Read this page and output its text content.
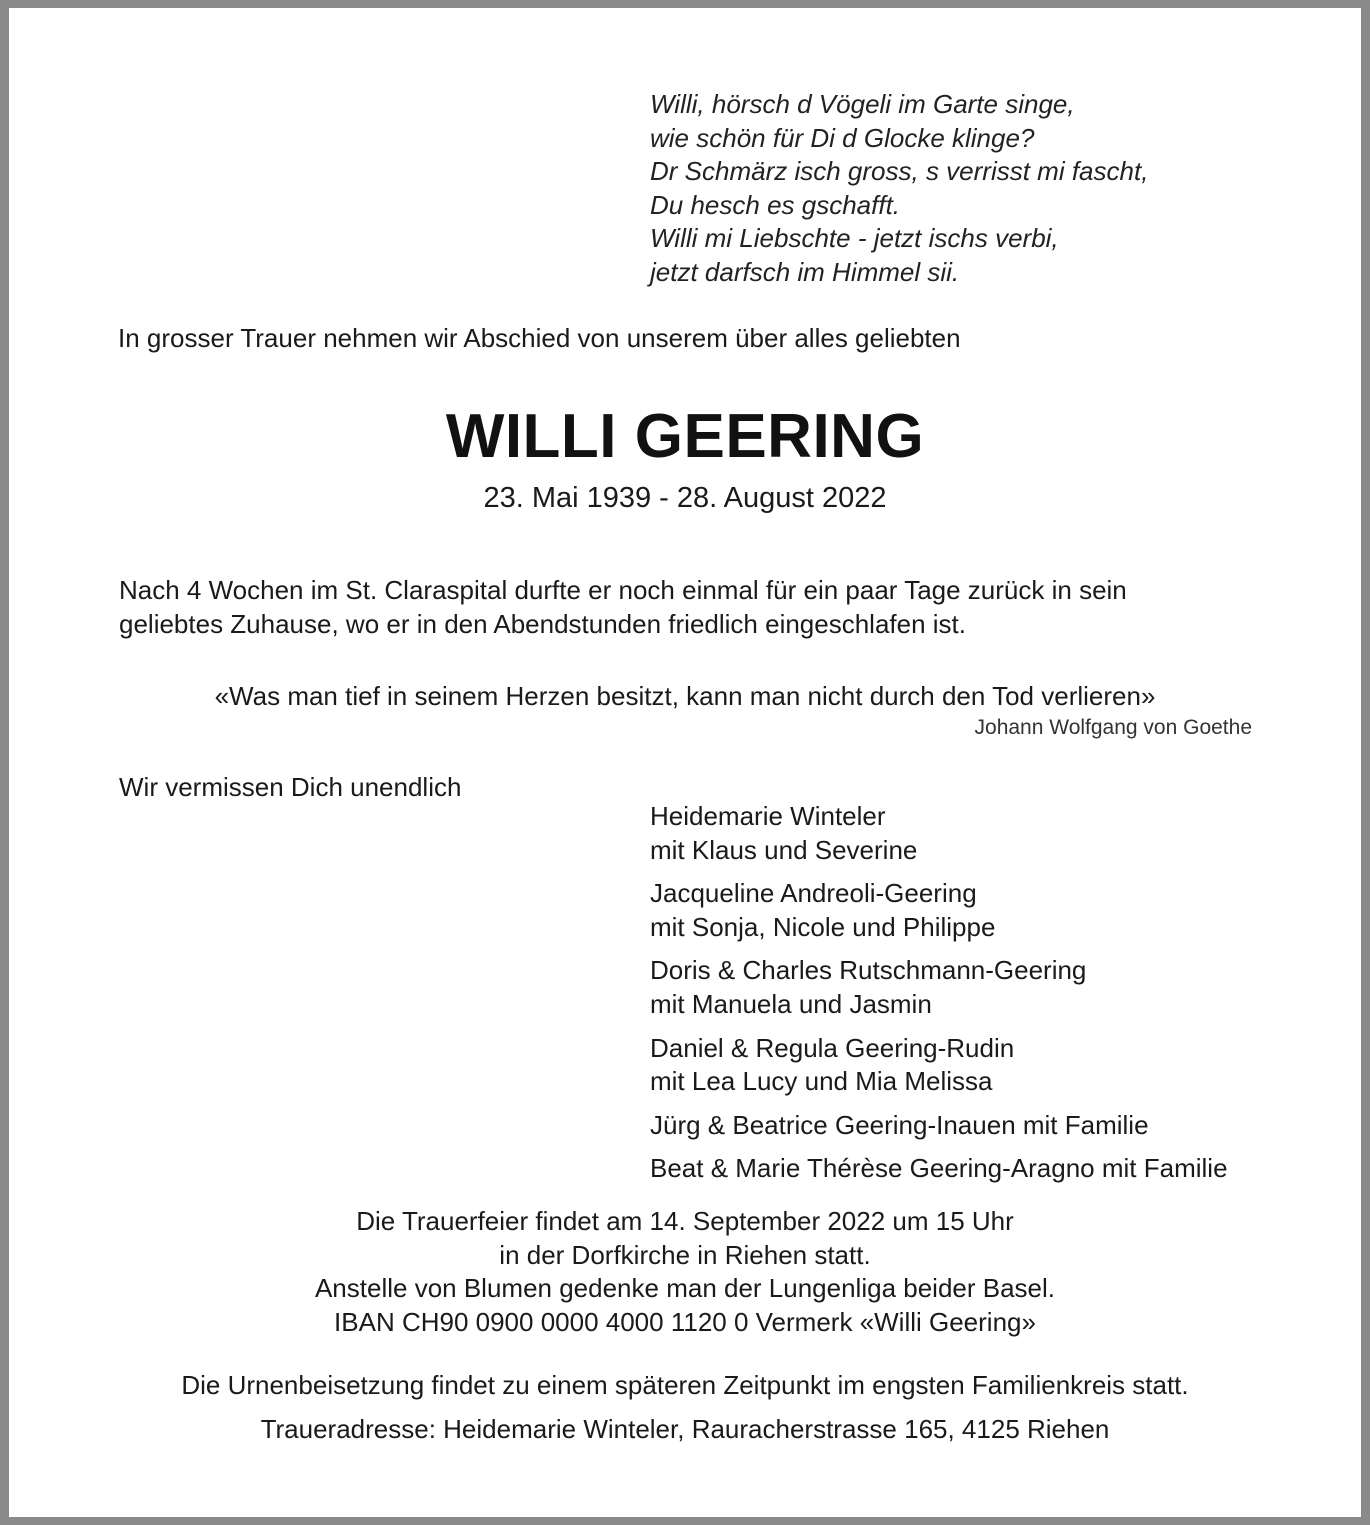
Willi, hörsch d Vögeli im Garte singe,
wie schön für Di d Glocke klinge?
Dr Schmärz isch gross, s verrisst mi fascht,
Du hesch es gschafft.
Willi mi Liebschte - jetzt ischs verbi,
jetzt darfsch im Himmel sii.

In grosser Trauer nehmen wir Abschied von unserem über alles geliebten

WILLI GEERING

23. Mai 1939 - 28. August 2022

Nach 4 Wochen im St. Claraspital durfte er noch einmal für ein paar Tage zurück in sein
geliebtes Zuhause, wo er in den Abendstunden friedlich eingeschlafen ist.

«Was man tief in seinem Herzen besitzt, kann man nicht durch den Tod verlieren»

Johann Wolfgang von Goethe

Wir vermissen Dich unendlich

Heidemarie Winteler
mit Klaus und Severine
Jacqueline Andreoli-Geering
mit Sonja, Nicole und Philippe
Doris & Charles Rutschmann-Geering
mit Manuela und Jasmin
Daniel & Regula Geering-Rudin
mit Lea Lucy und Mia Melissa
Jürg & Beatrice Geering-Inauen mit Familie
Beat & Marie Thérèse Geering-Aragno mit Familie
Die Trauerfeier findet am 14. September 2022 um 15 Uhr
in der Dorfkirche in Riehen statt.
Anstelle von Blumen gedenke man der Lungenliga beider Basel.
IBAN CH90 0900 0000 4000 1120 0 Vermerk «Willi Geering»

Die Urnenbeisetzung findet zu einem späteren Zeitpunkt im engsten Familienkreis statt.

Traueradresse: Heidemarie Winteler, Rauracherstrasse 165, 4125 Riehen
